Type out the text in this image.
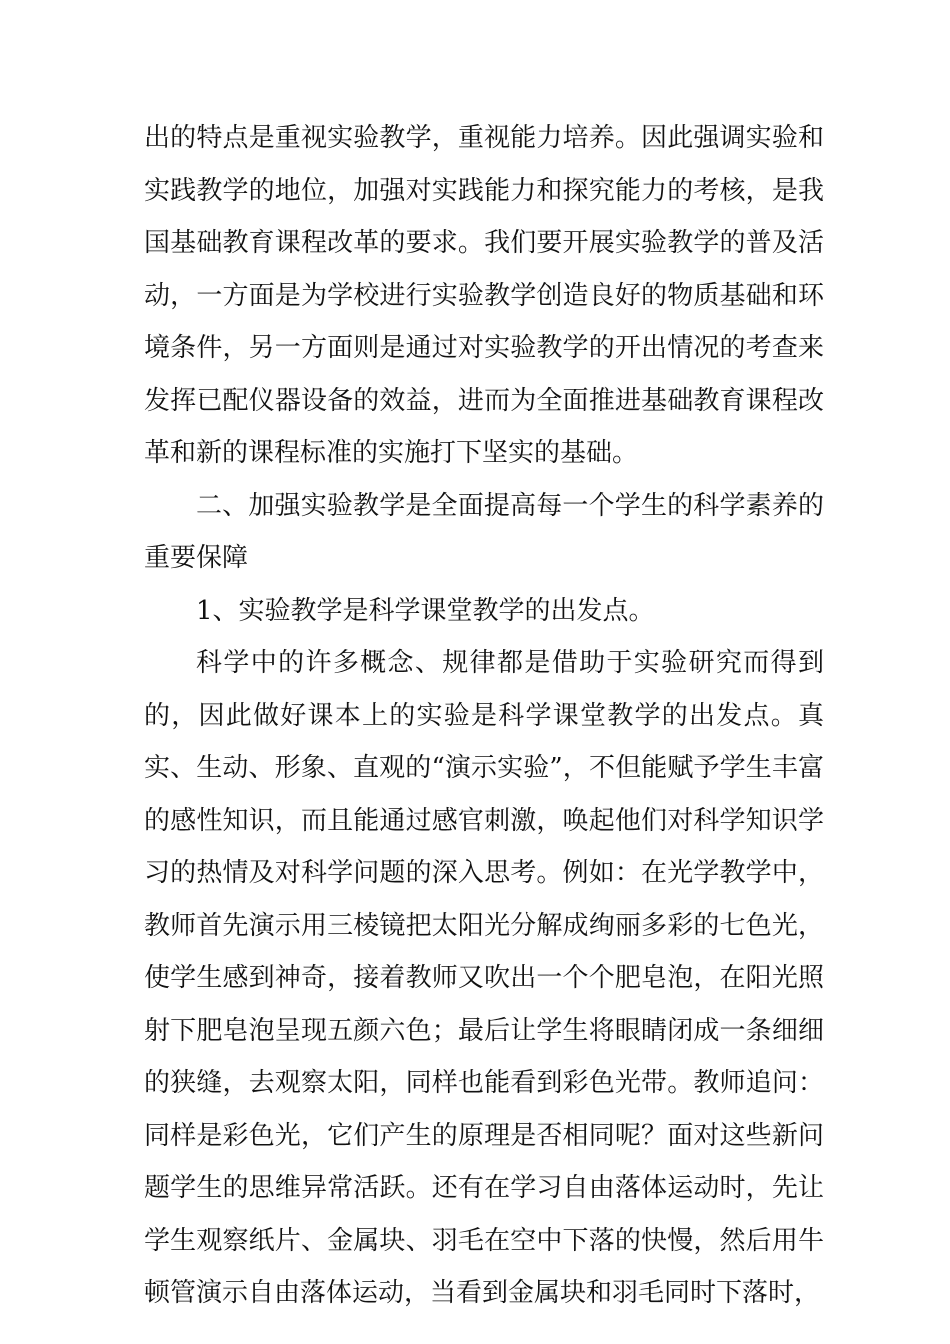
出的特点是重视实验教学，重视能力培养。因此强调实验和实践教学的地位，加强对实践能力和探究能力的考核，是我国基础教育课程改革的要求。我们要开展实验教学的普及活动，一方面是为学校进行实验教学创造良好的物质基础和环境条件，另一方面则是通过对实验教学的开出情况的考查来发挥已配仪器设备的效益，进而为全面推进基础教育课程改革和新的课程标准的实施打下坚实的基础。

二、加强实验教学是全面提高每一个学生的科学素养的重要保障

1、实验教学是科学课堂教学的出发点。

科学中的许多概念、规律都是借助于实验研究而得到的，因此做好课本上的实验是科学课堂教学的出发点。真实、生动、形象、直观的“演示实验”，不但能赋予学生丰富的感性知识，而且能通过感官刺激，唤起他们对科学知识学习的热情及对科学问题的深入思考。例如：在光学教学中，教师首先演示用三棱镜把太阳光分解成绚丽多彩的七色光，使学生感到神奇，接着教师又吹出一个个肥皂泡，在阳光照射下肥皂泡呈现五颜六色；最后让学生将眼睛闭成一条细细的狭缝，去观察太阳，同样也能看到彩色光带。教师追问：同样是彩色光，它们产生的原理是否相同呢？面对这些新问题学生的思维异常活跃。还有在学习自由落体运动时，先让学生观察纸片、金属块、羽毛在空中下落的快慢，然后用牛顿管演示自由落体运动，当看到金属块和羽毛同时下落时，
